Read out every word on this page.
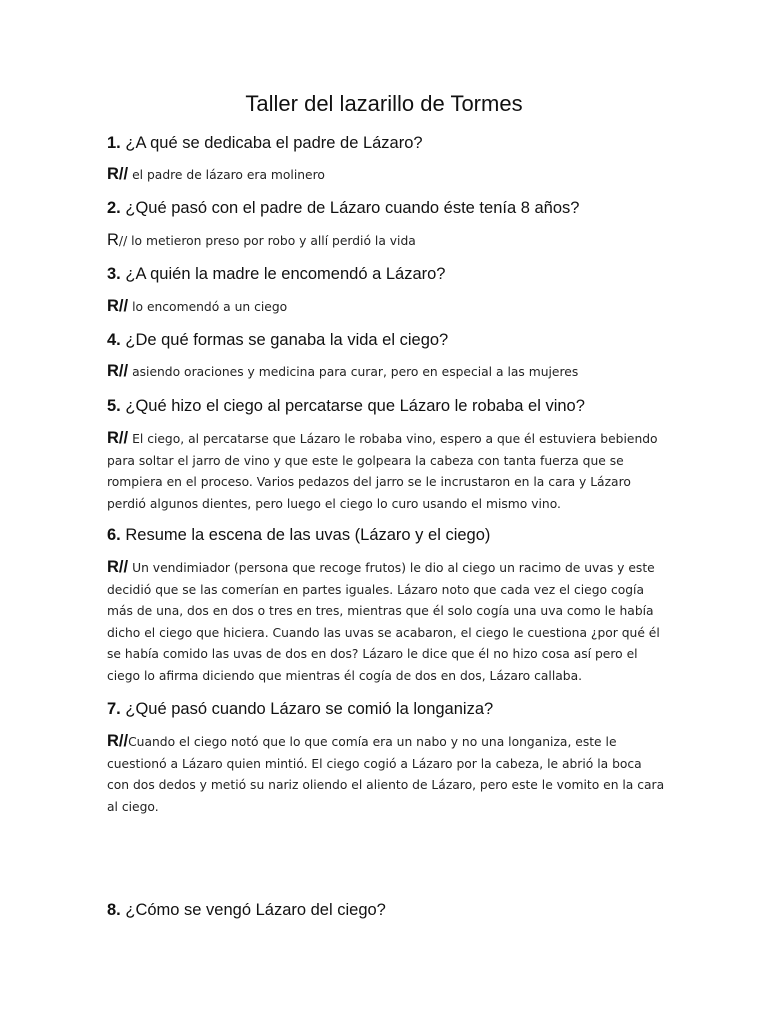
Taller del lazarillo de Tormes

1. ¿A qué se dedicaba el padre de Lázaro?

R// el padre de lázaro era molinero

2. ¿Qué pasó con el padre de Lázaro cuando éste tenía 8 años?

R// lo metieron preso por robo y allí perdió la vida

3. ¿A quién la madre le encomendó a Lázaro?

R// lo encomendó a un ciego

4. ¿De qué formas se ganaba la vida el ciego?

R// asiendo oraciones y medicina para curar, pero en especial a las mujeres

5. ¿Qué hizo el ciego al percatarse que Lázaro le robaba el vino?

R// El ciego, al percatarse que Lázaro le robaba vino, espero a que él estuviera bebiendo para soltar el jarro de vino y que este le golpeara la cabeza con tanta fuerza que se rompiera en el proceso. Varios pedazos del jarro se le incrustaron en la cara y Lázaro perdió algunos dientes, pero luego el ciego lo curo usando el mismo vino.

6. Resume la escena de las uvas (Lázaro y el ciego)

R// Un vendimiador (persona que recoge frutos) le dio al ciego un racimo de uvas y este decidió que se las comerían en partes iguales. Lázaro noto que cada vez el ciego cogía más de una, dos en dos o tres en tres, mientras que él solo cogía una uva como le había dicho el ciego que hiciera. Cuando las uvas se acabaron, el ciego le cuestiona ¿por qué él se había comido las uvas de dos en dos? Lázaro le dice que él no hizo cosa así pero el ciego lo afirma diciendo que mientras él cogía de dos en dos, Lázaro callaba.

7. ¿Qué pasó cuando Lázaro se comió la longaniza?

R//Cuando el ciego notó que lo que comía era un nabo y no una longaniza, este le cuestionó a Lázaro quien mintió. El ciego cogió a Lázaro por la cabeza, le abrió la boca con dos dedos y metió su nariz oliendo el aliento de Lázaro, pero este le vomito en la cara al ciego.

8. ¿Cómo se vengó Lázaro del ciego?
